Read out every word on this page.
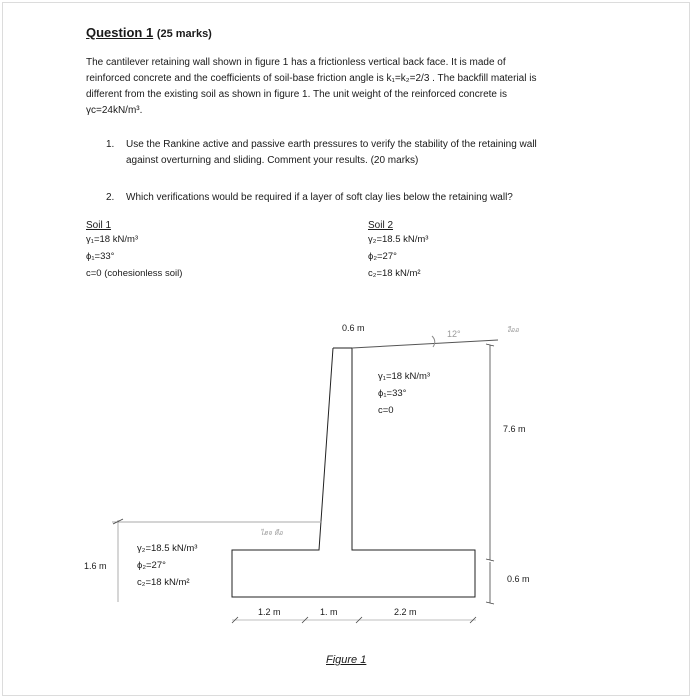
Question 1 (25 marks)
The cantilever retaining wall shown in figure 1 has a frictionless vertical back face. It is made of
reinforced concrete and the coefficients of soil-base friction angle is k₁=k₂=2/3 . The backfill material is
different from the existing soil as shown in figure 1. The unit weight of the reinforced concrete is
γc=24kN/m³.
1. Use the Rankine active and passive earth pressures to verify the stability of the retaining wall
against overturning and sliding. Comment your results. (20 marks)
2. Which verifications would be required if a layer of soft clay lies below the retaining wall?
Soil 1
γ₁=18 kN/m³
ϕ₁=33°
c=0 (cohesionless soil)
Soil 2
γ₂=18.5 kN/m³
ϕ₂=27°
c₂=18 kN/m²
0.6 m
12°	งืออ
ไฮจ หือ
γ₁=18 kN/m³
ϕ₁=33°
c=0
γ₂=18.5 kN/m³
ϕ₂=27°
c₂=18 kN/m²
7.6 m
0.6 m
1.6 m
1.2 m	1. m	2.2 m
Figure 1
